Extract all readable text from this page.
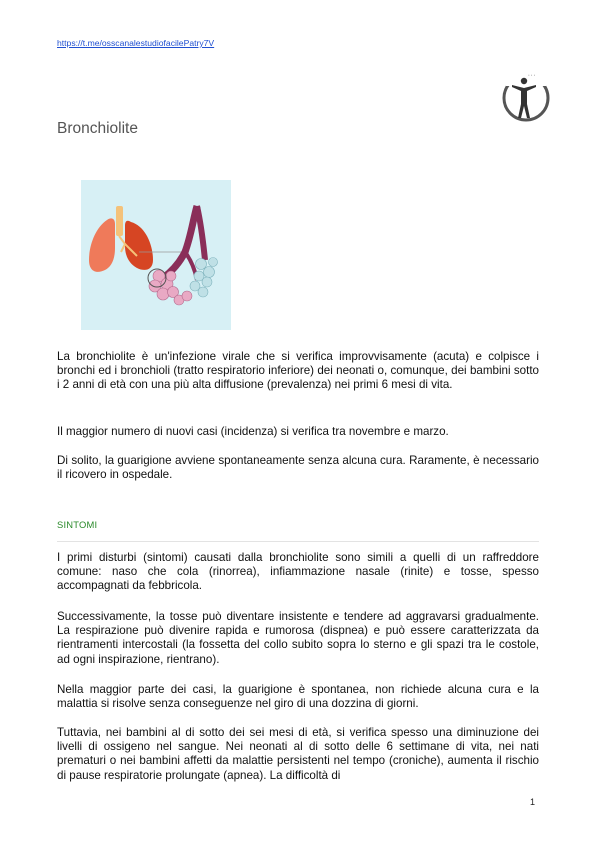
https://t.me/osscanalestudiofacilePatry7V
• • •
Bronchiolite

La bronchiolite è un'infezione virale che si verifica improvvisamente (acuta) e colpisce i bronchi ed i bronchioli (tratto respiratorio inferiore) dei neonati o, comunque, dei bambini sotto i 2 anni di età con una più alta diffusione (prevalenza) nei primi 6 mesi di vita.

Il maggior numero di nuovi casi (incidenza) si verifica tra novembre e marzo.

Di solito, la guarigione avviene spontaneamente senza alcuna cura. Raramente, è necessario il ricovero in ospedale.

SINTOMI

I primi disturbi (sintomi) causati dalla bronchiolite sono simili a quelli di un raffreddore comune: naso che cola (rinorrea), infiammazione nasale (rinite) e tosse, spesso accompagnati da febbricola.

Successivamente, la tosse può diventare insistente e tendere ad aggravarsi gradualmente. La respirazione può divenire rapida e rumorosa (dispnea) e può essere caratterizzata da rientramenti intercostali (la fossetta del collo subito sopra lo sterno e gli spazi tra le costole, ad ogni inspirazione, rientrano).

Nella maggior parte dei casi, la guarigione è spontanea, non richiede alcuna cura e la malattia si risolve senza conseguenze nel giro di una dozzina di giorni.

Tuttavia, nei bambini al di sotto dei sei mesi di età, si verifica spesso una diminuzione dei livelli di ossigeno nel sangue. Nei neonati al di sotto delle 6 settimane di vita, nei nati prematuri o nei bambini affetti da malattie persistenti nel tempo (croniche), aumenta il rischio di pause respiratorie prolungate (apnea). La difficoltà di

1
